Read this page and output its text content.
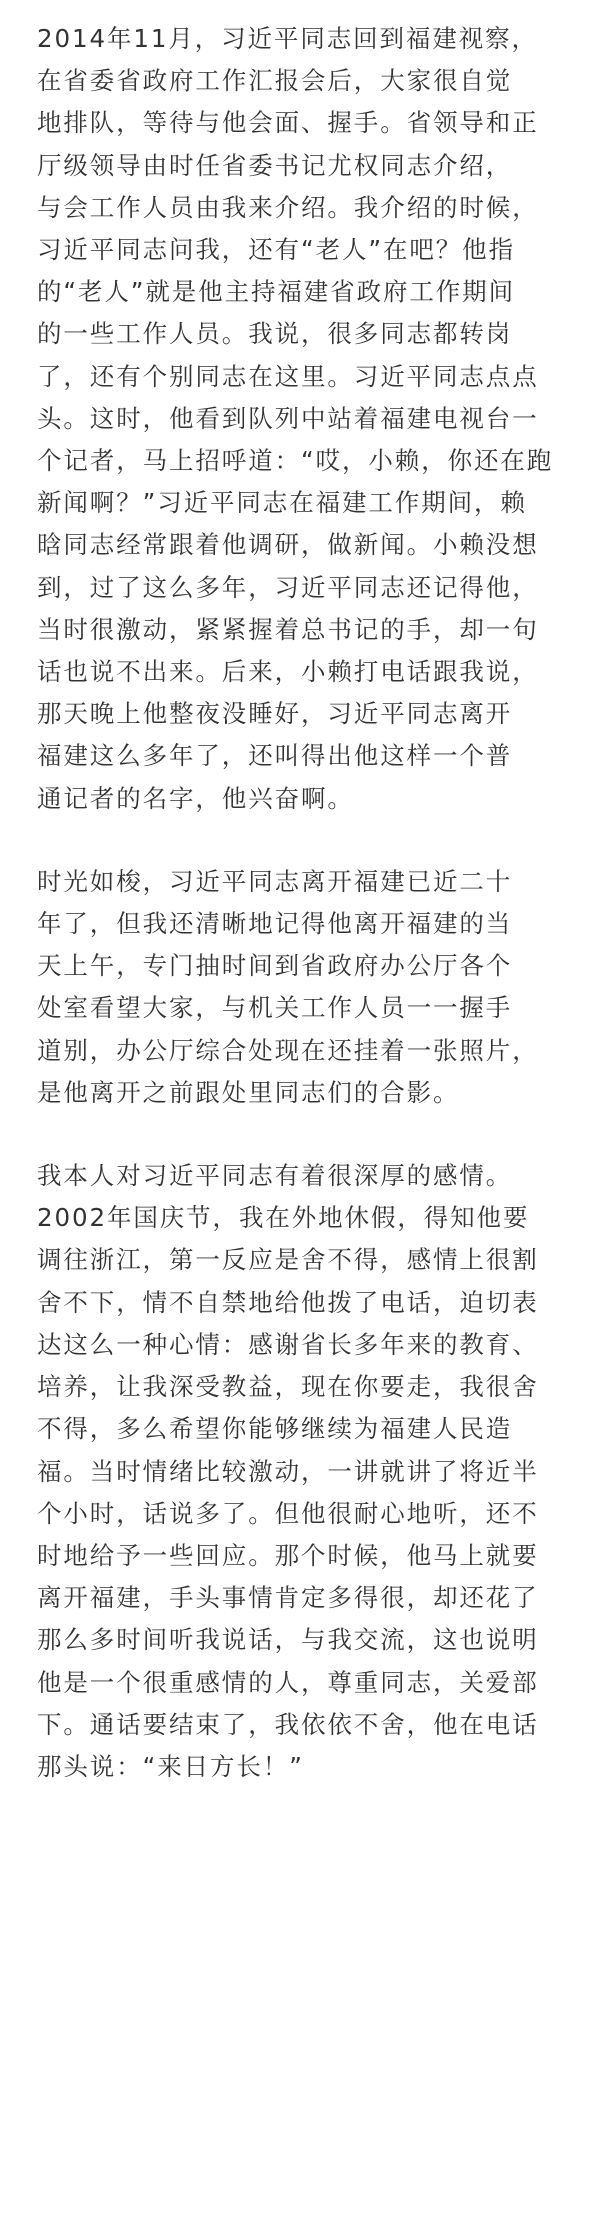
2014年11月，习近平同志回到福建视察，
在省委省政府工作汇报会后，大家很自觉
地排队，等待与他会面、握手。省领导和正
厅级领导由时任省委书记尤权同志介绍，
与会工作人员由我来介绍。我介绍的时候，
习近平同志问我，还有“老人”在吧？他指
的“老人”就是他主持福建省政府工作期间
的一些工作人员。我说，很多同志都转岗
了，还有个别同志在这里。习近平同志点点
头。这时，他看到队列中站着福建电视台一
个记者，马上招呼道：“哎，小赖，你还在跑
新闻啊？”习近平同志在福建工作期间，赖
晗同志经常跟着他调研，做新闻。小赖没想
到，过了这么多年，习近平同志还记得他，
当时很激动，紧紧握着总书记的手，却一句
话也说不出来。后来，小赖打电话跟我说，
那天晚上他整夜没睡好，习近平同志离开
福建这么多年了，还叫得出他这样一个普
通记者的名字，他兴奋啊。

时光如梭，习近平同志离开福建已近二十
年了，但我还清晰地记得他离开福建的当
天上午，专门抽时间到省政府办公厅各个
处室看望大家，与机关工作人员一一握手
道别，办公厅综合处现在还挂着一张照片，
是他离开之前跟处里同志们的合影。

我本人对习近平同志有着很深厚的感情。
2002年国庆节，我在外地休假，得知他要
调往浙江，第一反应是舍不得，感情上很割
舍不下，情不自禁地给他拨了电话，迫切表
达这么一种心情：感谢省长多年来的教育、
培养，让我深受教益，现在你要走，我很舍
不得，多么希望你能够继续为福建人民造
福。当时情绪比较激动，一讲就讲了将近半
个小时，话说多了。但他很耐心地听，还不
时地给予一些回应。那个时候，他马上就要
离开福建，手头事情肯定多得很，却还花了
那么多时间听我说话，与我交流，这也说明
他是一个很重感情的人，尊重同志，关爱部
下。通话要结束了，我依依不舍，他在电话
那头说：“来日方长！”
